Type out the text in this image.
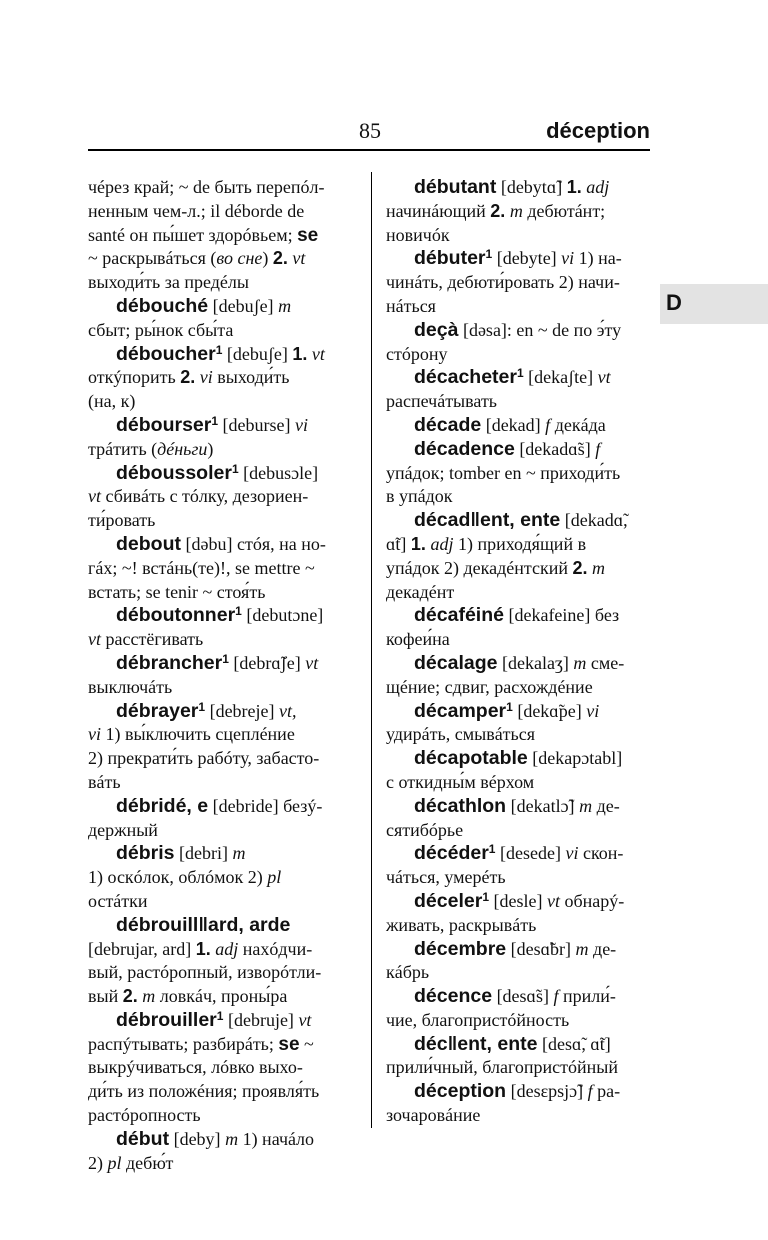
85	déception
D
чéрез край; ~ de быть перепóл-
ненным чем-л.; il déborde de
santé он пы́шет здорóвьем; se
~ раскрывáться (во сне) 2. vt
выходи́ть за предéлы
débouché [debuʃe] m
сбыт; ры́нок сбы́та
déboucher$^1$ [debuʃe] 1. vt
откýпорить 2. vi выходи́ть
(на, к)
débourser$^1$ [deburse] vi
трáтить (дéньги)
déboussoler$^1$ [debusɔle]
vt сбивáть с тóлку, дезориен-
ти́ровать
debout [dəbu] стóя, на но-
гáх; ~! встáнь(те)!, se mettre ~
встать; se tenir ~ стоя́ть
déboutonner$^1$ [debutɔne]
vt расстёгивать
débrancher$^1$ [debrɑ̃ʃe] vt
выключáть
débrayer$^1$ [debreje] vt,
vi 1) вы́ключить сцеплéние
2) прекрати́ть рабóту, забасто-
вáть
débridé, e [debride] безý-
держный
débris [debri] m
1) оскóлок, облóмок 2) pl
остáтки
débrouill‖ard, arde
[debrujar, ard] 1. adj нахóдчи-
вый, растóропный, изворóтли-
вый 2. m ловкáч, проны́ра
débrouiller$^1$ [debruje] vt
распýтывать; разбирáть; se ~
выкрýчиваться, лóвко выхо-
ди́ть из положéния; проявля́ть
растóропность
début [deby] m 1) начáло
2) pl дебю́т
débutant [debytɑ̃] 1. adj
начинáющий 2. m дебютáнт;
новичóк
débuter$^1$ [debyte] vi 1) на-
чинáть, дебюти́ровать 2) начи-
нáться
deçà [dəsa]: en ~ de по э́ту
стóрону
décacheter$^1$ [dekaʃte] vt
распечáтывать
décade [dekad] f декáда
décadence [dekadɑ̃s] f
упáдок; tomber en ~ приходи́ть
в упáдок
décad‖ent, ente [dekadɑ̃,
ɑ̃t] 1. adj 1) приходя́щий в
упáдок 2) декадéнтский 2. m
декадéнт
décaféiné [dekafeine] без
кофеи́на
décalage [dekalaʒ] m сме-
щéние; сдвиг, расхождéние
décamper$^1$ [dekɑ̃pe] vi
удирáть, смывáться
décapotable [dekapɔtabl]
с откидны́м вéрхом
décathlon [dekatlɔ̃] m де-
сятибóрье
décéder$^1$ [desede] vi скон-
чáться, умерéть
déceler$^1$ [desle] vt обнарý-
живать, раскрывáть
décembre [desɑ̃br] m де-
кáбрь
décence [desɑ̃s] f прили́-
чие, благопристóйность
déc‖ent, ente [desɑ̃, ɑ̃t]
прили́чный, благопристóйный
déception [desɛpsjɔ̃] f ра-
зочаровáние
